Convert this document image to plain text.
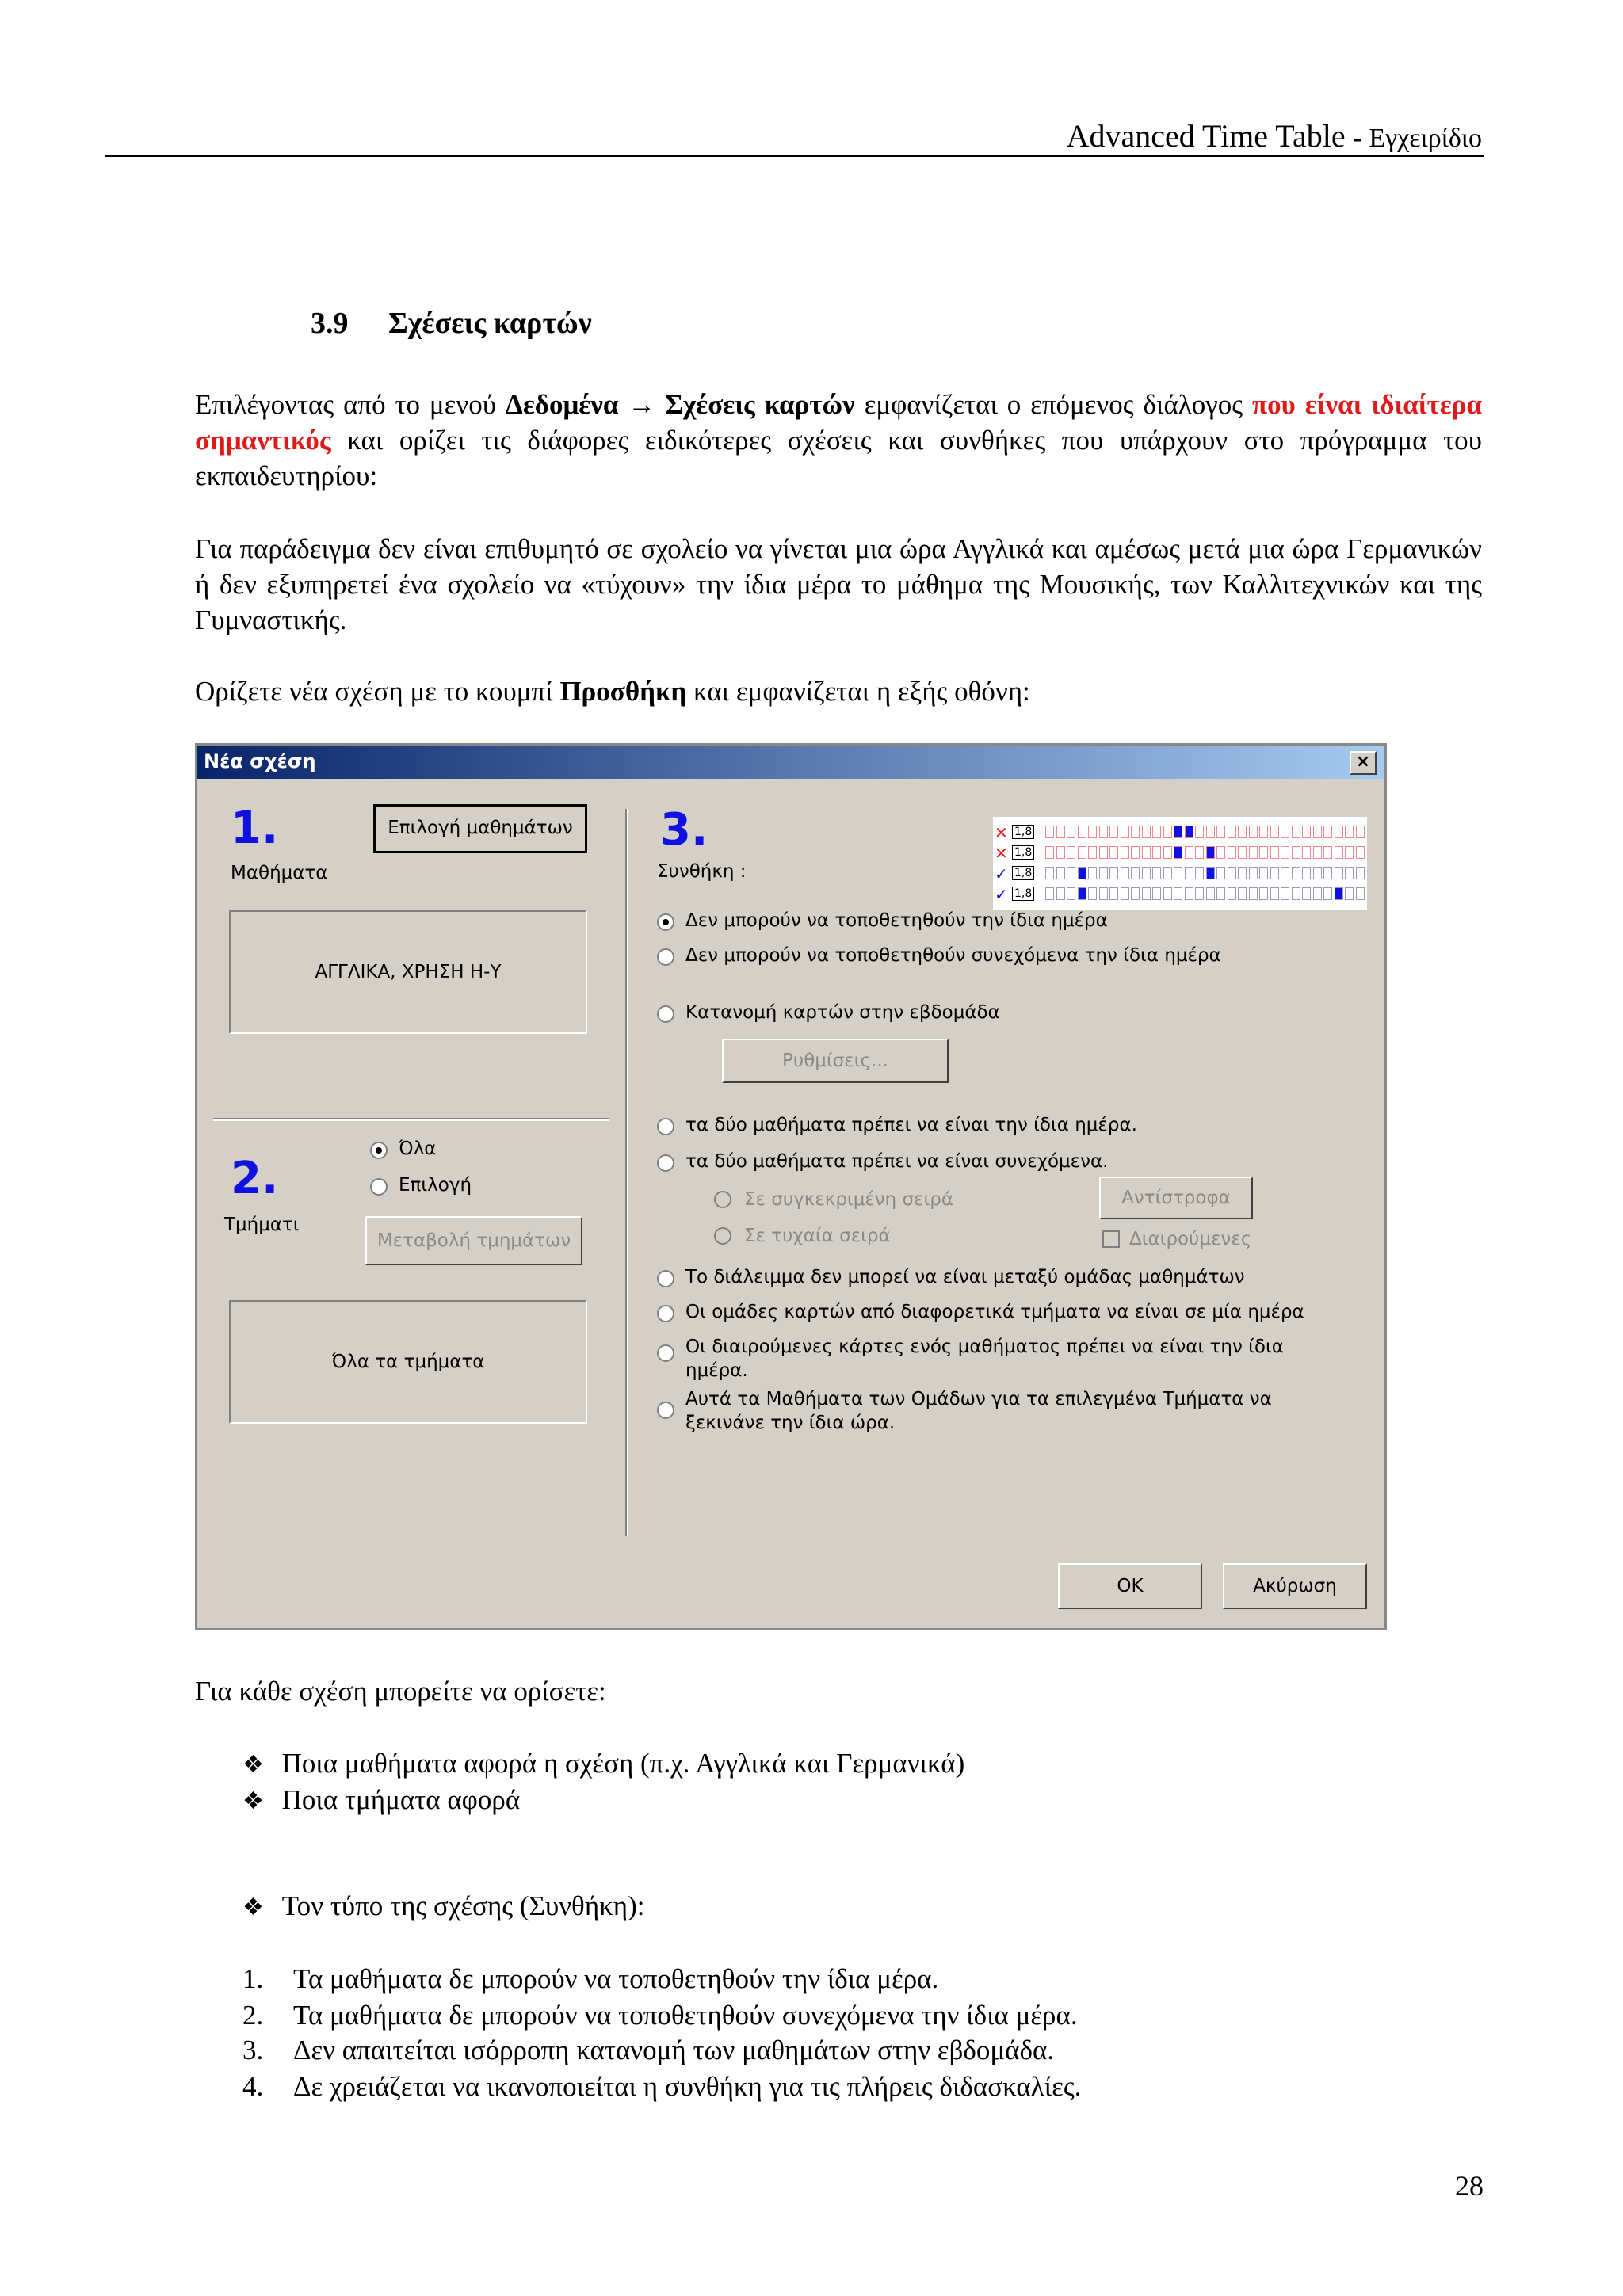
Advanced Time Table - Εγχειρίδιο
3.9 Σχέσεις καρτών
Επιλέγοντας από το μενού Δεδομένα → Σχέσεις καρτών εμφανίζεται ο επόμενος διάλογος που είναι ιδιαίτερα σημαντικός και ορίζει τις διάφορες ειδικότερες σχέσεις και συνθήκες που υπάρχουν στο πρόγραμμα του εκπαιδευτηρίου:
Για παράδειγμα δεν είναι επιθυμητό σε σχολείο να γίνεται μια ώρα Αγγλικά και αμέσως μετά μια ώρα Γερμανικών ή δεν εξυπηρετεί ένα σχολείο να «τύχουν» την ίδια μέρα το μάθημα της Μουσικής, των Καλλιτεχνικών και της Γυμναστικής.
Ορίζετε νέα σχέση με το κουμπί Προσθήκη και εμφανίζεται η εξής οθόνη:
Νέα σχέση	×
1.	Επιλογή μαθημάτων
Μαθήματα
ΑΓΓΛΙΚΑ, ΧΡΗΣΗ Η-Υ
Όλα
2.	Επιλογή
Τμήματι
Μεταβολή τμημάτων
Όλα τα τμήματα
3.
Συνθήκη :
✕ 1,8
✕ 1,8
✓ 1,8
✓ 1,8
Δεν μπορούν να τοποθετηθούν την ίδια ημέρα
Δεν μπορούν να τοποθετηθούν συνεχόμενα την ίδια ημέρα
Κατανομή καρτών στην εβδομάδα
Ρυθμίσεις...
τα δύο μαθήματα πρέπει να είναι την ίδια ημέρα.
τα δύο μαθήματα πρέπει να είναι συνεχόμενα.
Σε συγκεκριμένη σειρά
Σε τυχαία σειρά
Αντίστροφα
Διαιρούμενες
Το διάλειμμα δεν μπορεί να είναι μεταξύ ομάδας μαθημάτων
Οι ομάδες καρτών από διαφορετικά τμήματα να είναι σε μία ημέρα
Οι διαιρούμενες κάρτες ενός μαθήματος πρέπει να είναι την ίδια ημέρα.
Αυτά τα Μαθήματα των Ομάδων για τα επιλεγμένα Τμήματα να ξεκινάνε την ίδια ώρα.
OK	Ακύρωση
Για κάθε σχέση μπορείτε να ορίσετε:
❖ Ποια μαθήματα αφορά η σχέση (π.χ. Αγγλικά και Γερμανικά)
❖ Ποια τμήματα αφορά
❖ Τον τύπο της σχέσης (Συνθήκη):
1. Τα μαθήματα δε μπορούν να τοποθετηθούν την ίδια μέρα.
2. Τα μαθήματα δε μπορούν να τοποθετηθούν συνεχόμενα την ίδια μέρα.
3. Δεν απαιτείται ισόρροπη κατανομή των μαθημάτων στην εβδομάδα.
4. Δε χρειάζεται να ικανοποιείται η συνθήκη για τις πλήρεις διδασκαλίες.
28
